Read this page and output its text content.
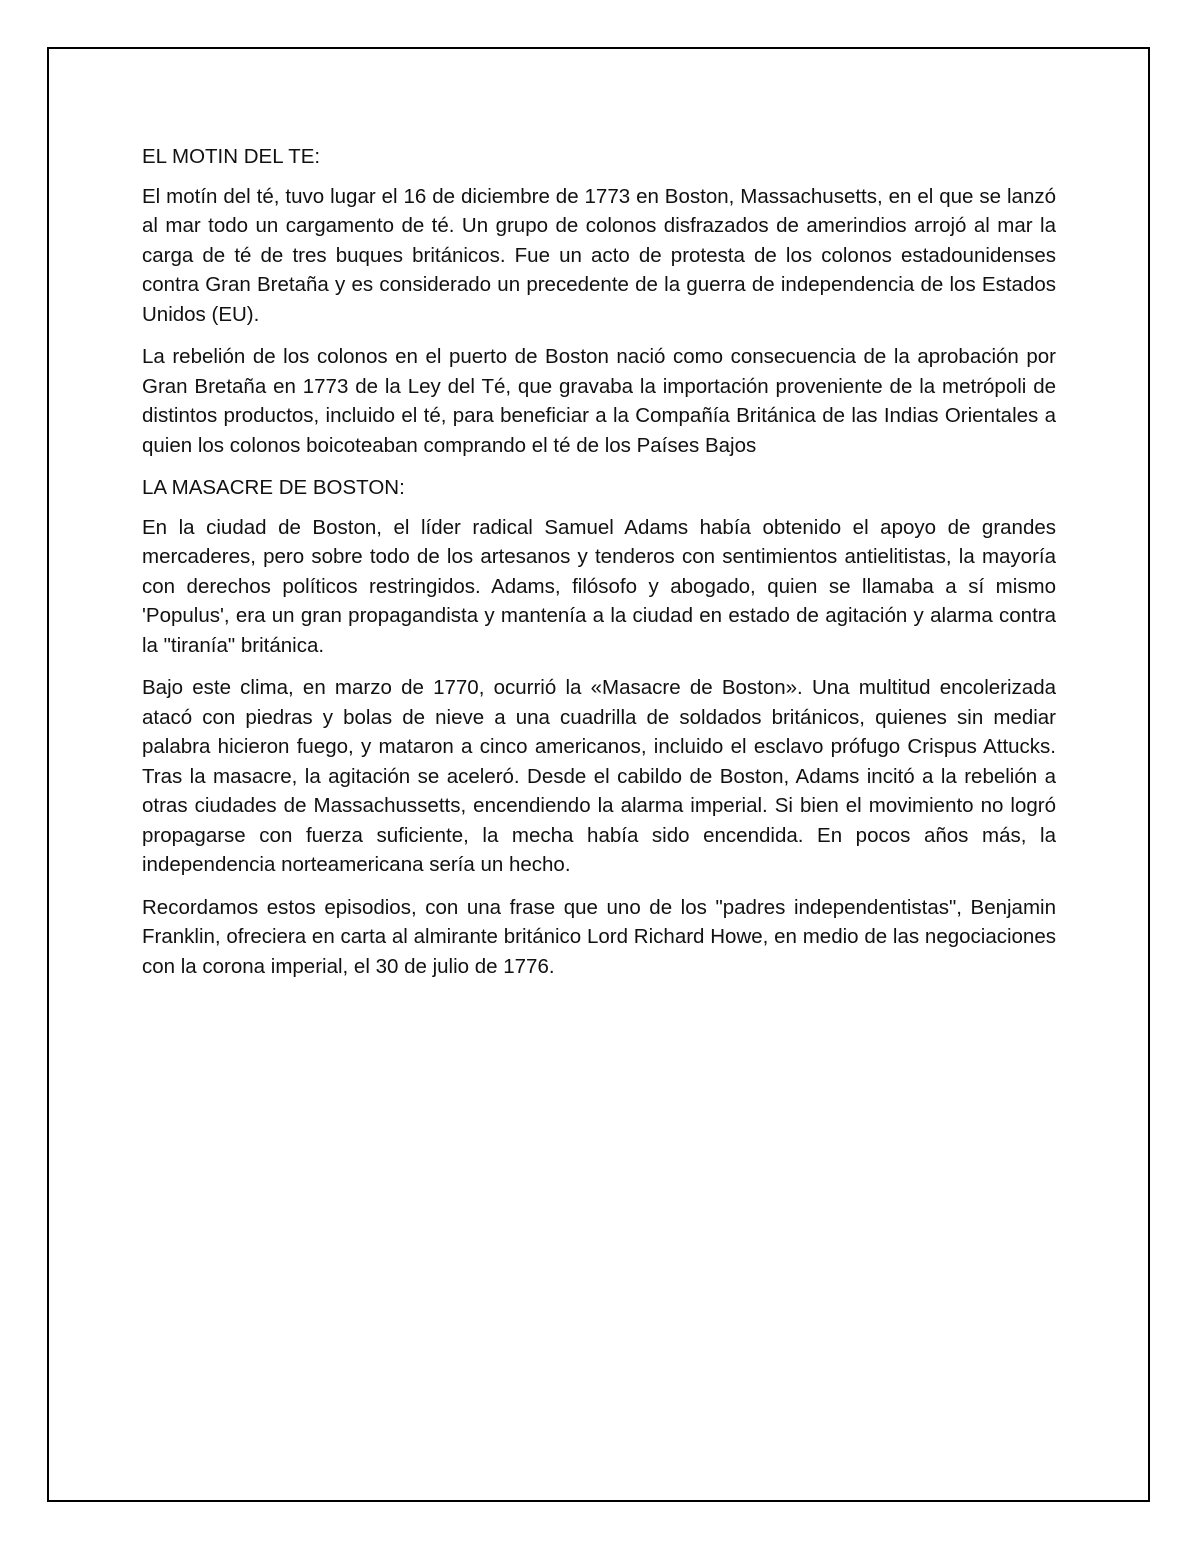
EL MOTIN DEL TE:

El motín del té, tuvo lugar el 16 de diciembre de 1773 en Boston, Massachusetts, en el que se lanzó al mar todo un cargamento de té. Un grupo de colonos disfrazados de amerindios arrojó al mar la carga de té de tres buques británicos. Fue un acto de protesta de los colonos estadounidenses contra Gran Bretaña y es considerado un precedente de la guerra de independencia de los Estados Unidos (EU).

La rebelión de los colonos en el puerto de Boston nació como consecuencia de la aprobación por Gran Bretaña en 1773 de la Ley del Té, que gravaba la importación proveniente de la metrópoli de distintos productos, incluido el té, para beneficiar a la Compañía Británica de las Indias Orientales a quien los colonos boicoteaban comprando el té de los Países Bajos

LA MASACRE DE BOSTON:

En la ciudad de Boston, el líder radical Samuel Adams había obtenido el apoyo de grandes mercaderes, pero sobre todo de los artesanos y tenderos con sentimientos antielitistas, la mayoría con derechos políticos restringidos. Adams, filósofo y abogado, quien se llamaba a sí mismo 'Populus', era un gran propagandista y mantenía a la ciudad en estado de agitación y alarma contra la "tiranía" británica.

Bajo este clima, en marzo de 1770, ocurrió la «Masacre de Boston». Una multitud encolerizada atacó con piedras y bolas de nieve a una cuadrilla de soldados británicos, quienes sin mediar palabra hicieron fuego, y mataron a cinco americanos, incluido el esclavo prófugo Crispus Attucks. Tras la masacre, la agitación se aceleró. Desde el cabildo de Boston, Adams incitó a la rebelión a otras ciudades de Massachussetts, encendiendo la alarma imperial. Si bien el movimiento no logró propagarse con fuerza suficiente, la mecha había sido encendida. En pocos años más, la independencia norteamericana sería un hecho.

Recordamos estos episodios, con una frase que uno de los "padres independentistas", Benjamin Franklin, ofreciera en carta al almirante británico Lord Richard Howe, en medio de las negociaciones con la corona imperial, el 30 de julio de 1776.
